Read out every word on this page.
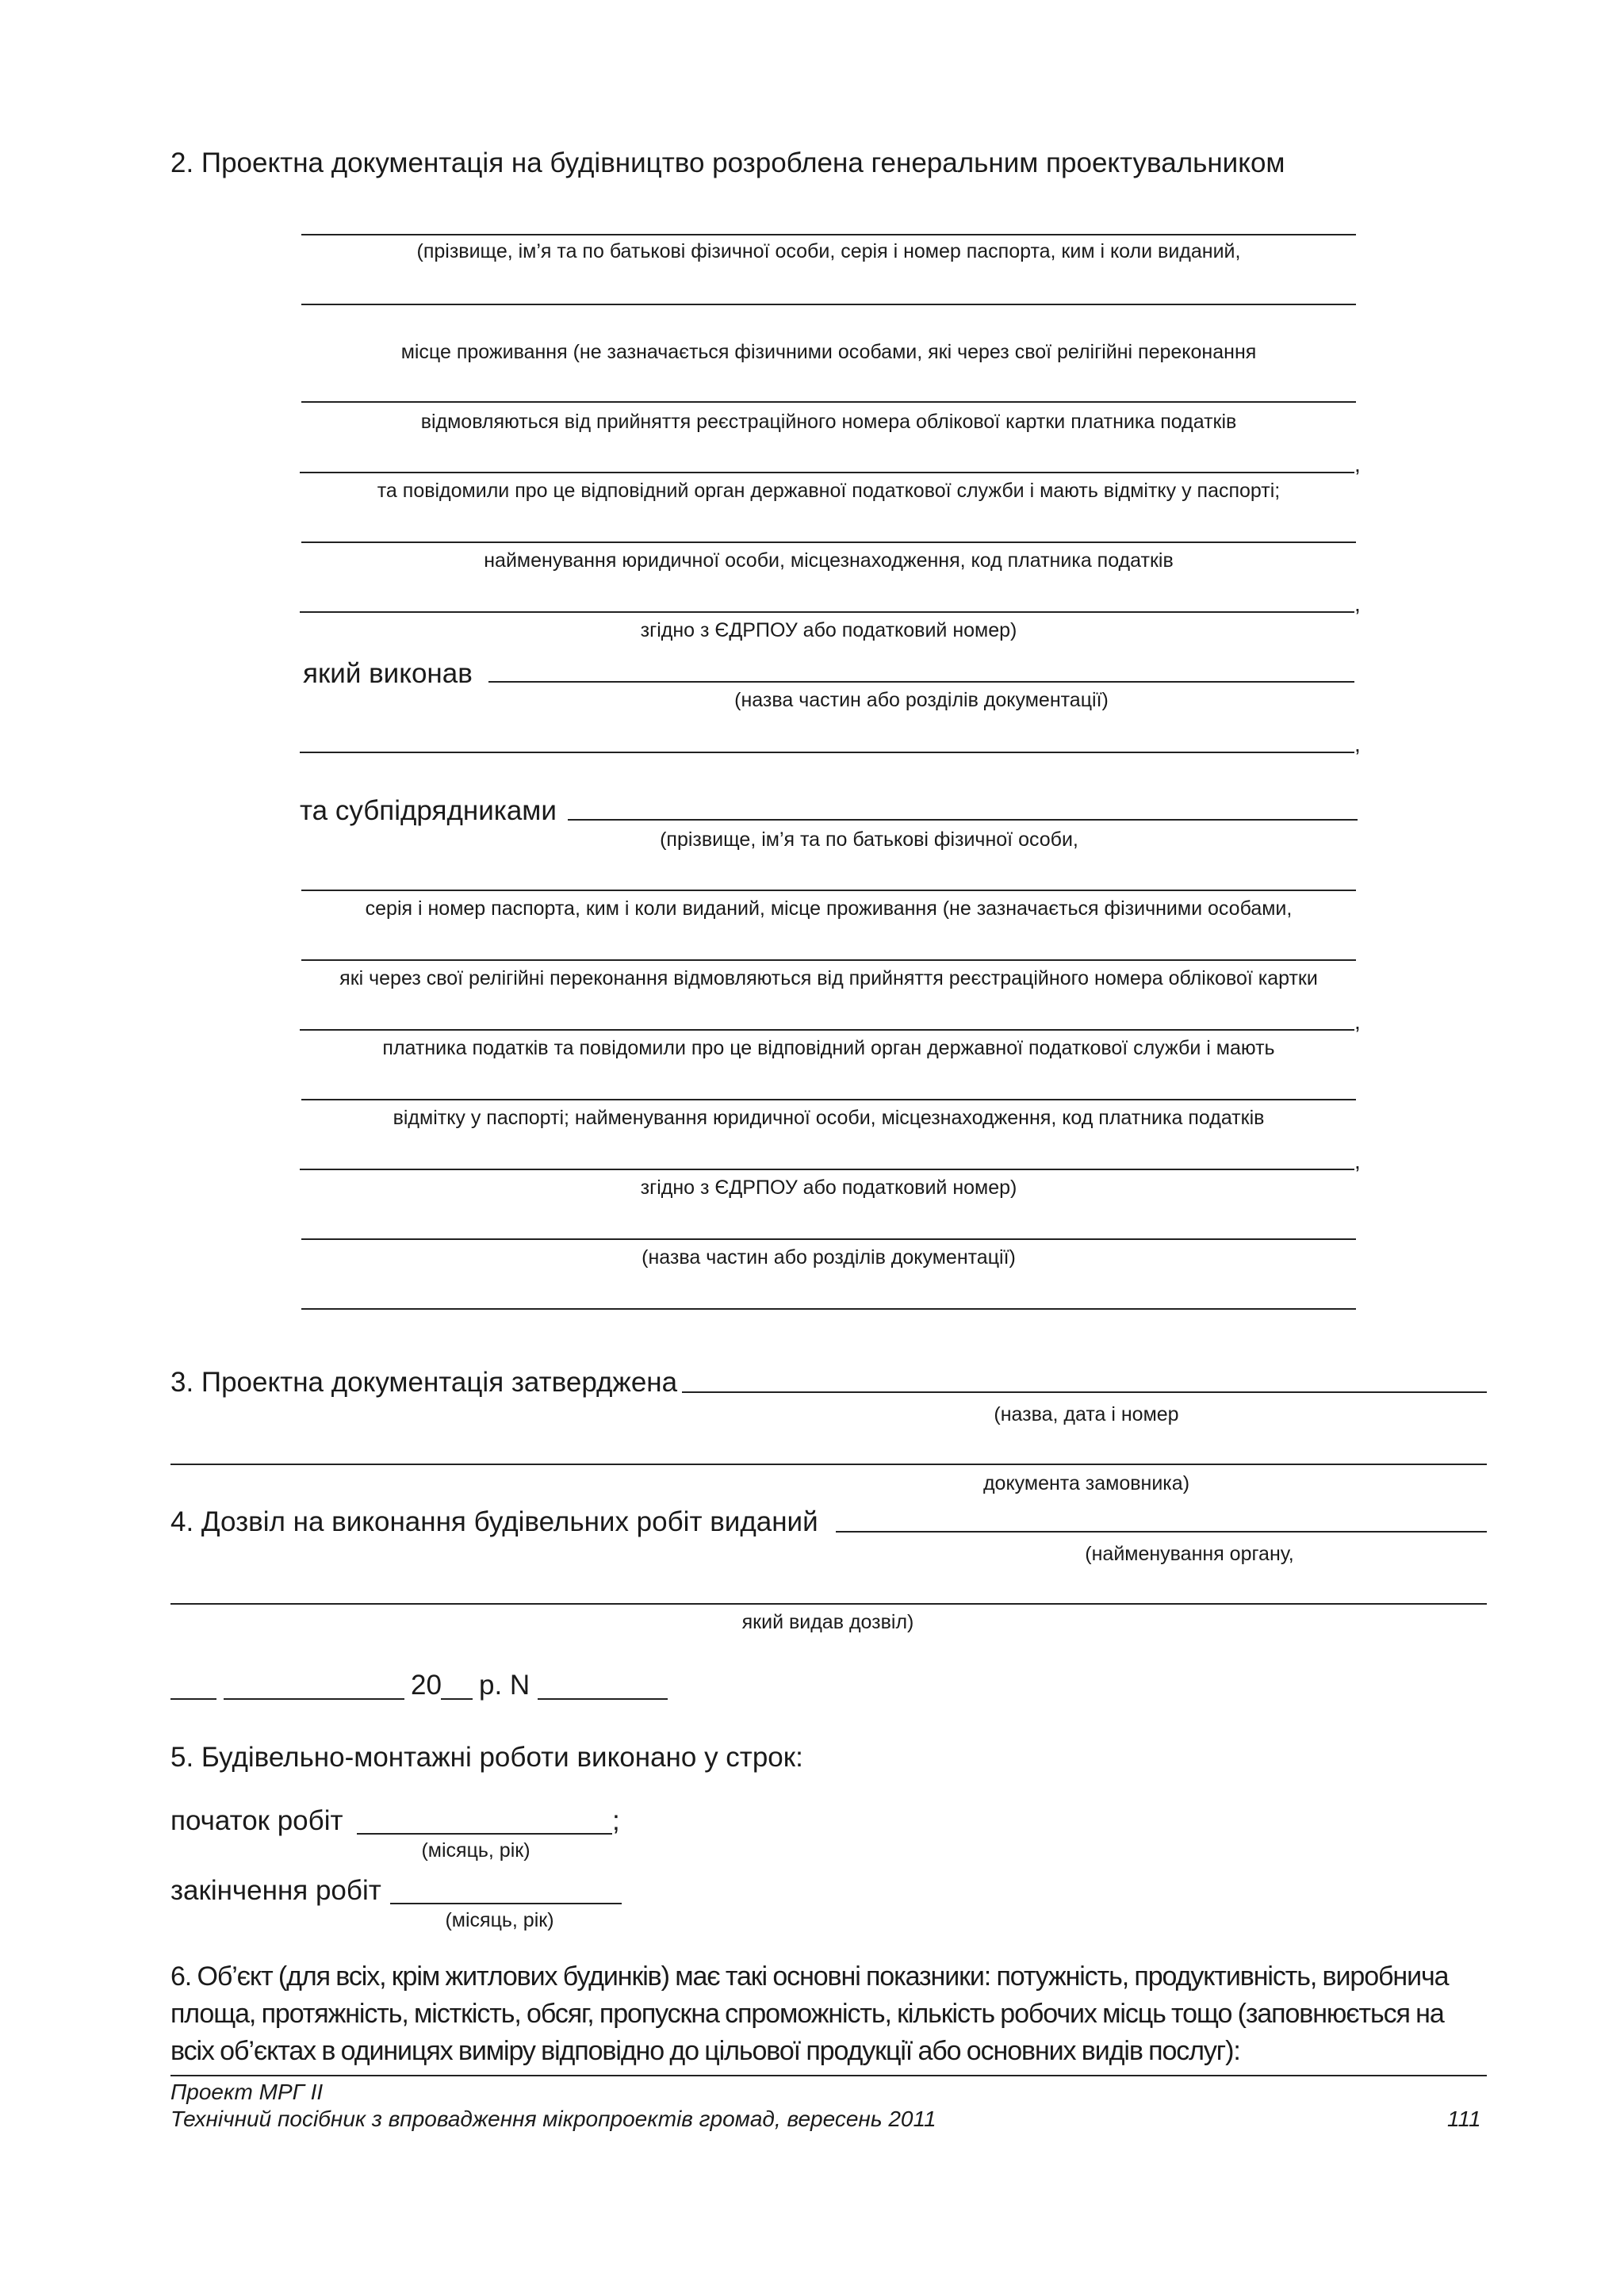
2. Проектна документація на будівництво розроблена генеральним проектувальником
(прізвище, ім’я та по батькові фізичної особи, серія і номер паспорта, ким і коли виданий,
місце проживання (не зазначається фізичними особами, які через свої релігійні переконання
відмовляються від прийняття реєстраційного номера облікової картки платника податків
,
та повідомили про це відповідний орган державної податкової служби і мають відмітку у паспорті;
найменування юридичної особи, місцезнаходження, код платника податків
,
згідно з ЄДРПОУ або податковий номер)
який виконав
(назва частин або розділів документації)
,
та субпідрядниками
(прізвище, ім’я та по батькові фізичної особи,
серія і номер паспорта, ким і коли виданий, місце проживання (не зазначається фізичними особами,
які через свої релігійні переконання відмовляються від прийняття реєстраційного номера облікової картки
,
платника податків та повідомили про це відповідний орган державної податкової служби і мають
відмітку у паспорті; найменування юридичної особи, місцезнаходження, код платника податків
,
згідно з ЄДРПОУ або податковий номер)
(назва частин або розділів документації)
3. Проектна документація затверджена
(назва, дата і номер
документа замовника)
4. Дозвіл на виконання будівельних робіт виданий
(найменування органу,
який видав дозвіл)
20 р. N
5. Будівельно-монтажні роботи виконано у строк:
початок робіт	;
(місяць, рік)
закінчення робіт
(місяць, рік)
6. Об’єкт (для всіх, крім житлових будинків) має такі основні показники: потужність, продуктивність, виробнича площа, протяжність, місткість, обсяг, пропускна спроможність, кількість робочих місць тощо (заповнюється на всіх об’єктах в одиницях виміру відповідно до цільової продукції або основних видів послуг):
Проект МРГ ІІ
Технічний посібник з впровадження мікропроектів громад, вересень 2011	111
